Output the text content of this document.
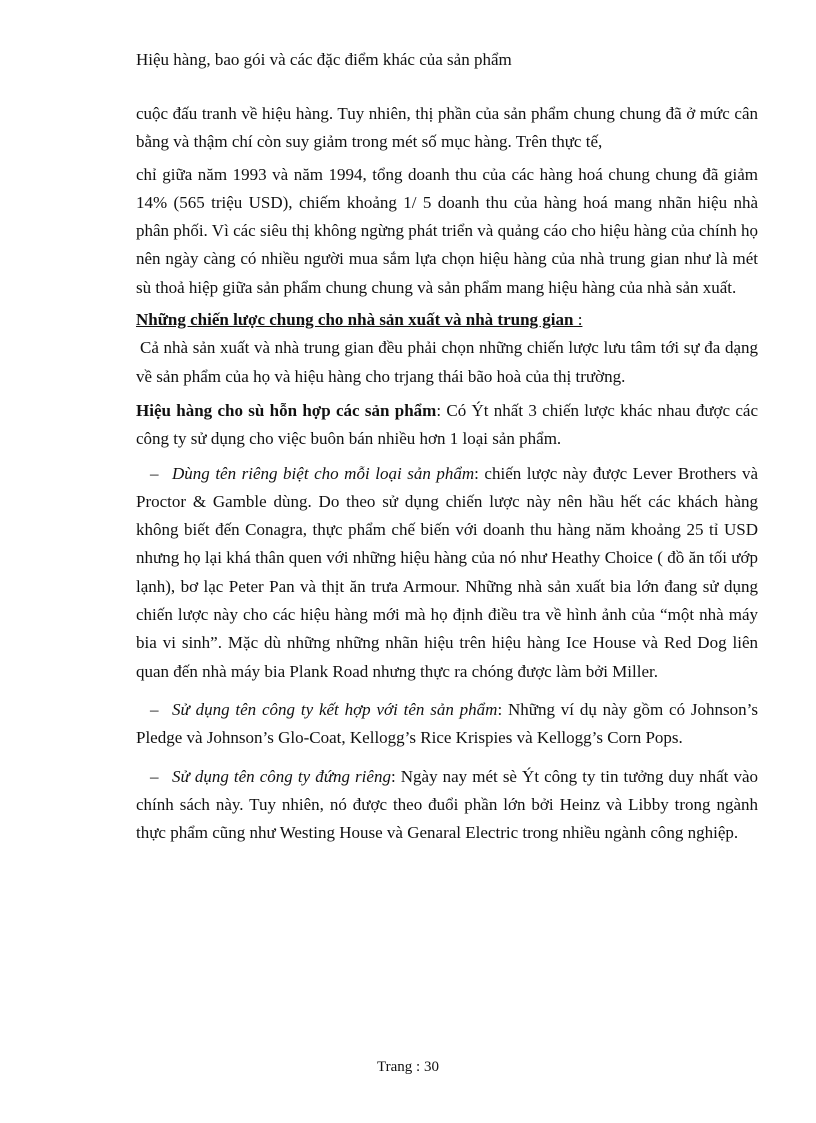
Hiệu hàng, bao gói và các đặc điểm khác của sản phẩm

cuộc đấu tranh về hiệu hàng. Tuy nhiên, thị phần của sản phẩm chung chung đã ở mức cân bằng và thậm chí còn suy giảm trong mét số mục hàng. Trên thực tế,

chỉ giữa năm 1993 và năm 1994, tổng doanh thu của các hàng hoá chung chung đã giảm 14% (565 triệu USD), chiếm khoảng 1/ 5 doanh thu của hàng hoá mang nhãn hiệu nhà phân phối. Vì các siêu thị không ngừng phát triển và quảng cáo cho hiệu hàng của chính họ nên ngày càng có nhiều người mua sắm lựa chọn hiệu hàng của nhà trung gian như là mét sù thoả hiệp giữa sản phẩm chung chung và sản phẩm mang hiệu hàng của nhà sản xuất.

Những chiến lược chung cho nhà sản xuất và nhà trung gian :

Cả nhà sản xuất và nhà trung gian đều phải chọn những chiến lược lưu tâm tới sự đa dạng về sản phẩm của họ và hiệu hàng cho trjang thái bão hoà của thị trường.

Hiệu hàng cho sù hỗn hợp các sản phẩm: Có Ýt nhất 3 chiến lược khác nhau được các công ty sử dụng cho việc buôn bán nhiều hơn 1 loại sản phẩm.

– Dùng tên riêng biệt cho mỗi loại sản phẩm: chiến lược này được Lever Brothers và Proctor & Gamble dùng. Do theo sử dụng chiến lược này nên hầu hết các khách hàng không biết đến Conagra, thực phẩm chế biến với doanh thu hàng năm khoảng 25 tỉ USD nhưng họ lại khá thân quen với những hiệu hàng của nó như Heathy Choice ( đồ ăn tối ướp lạnh), bơ lạc Peter Pan và thịt ăn trưa Armour. Những nhà sản xuất bia lớn đang sử dụng chiến lược này cho các hiệu hàng mới mà họ định điều tra về hình ảnh của “một nhà máy bia vi sinh”. Mặc dù những những nhãn hiệu trên hiệu hàng Ice House và Red Dog liên quan đến nhà máy bia Plank Road nhưng thực ra chóng được làm bởi Miller.

– Sử dụng tên công ty kết hợp với tên sản phẩm: Những ví dụ này gồm có Johnson’s Pledge và Johnson’s Glo-Coat, Kellogg’s Rice Krispies và Kellogg’s Corn Pops.

– Sử dụng tên công ty đứng riêng: Ngày nay mét sè Ýt công ty tin tưởng duy nhất vào chính sách này. Tuy nhiên, nó được theo đuổi phần lớn bởi Heinz và Libby trong ngành thực phẩm cũng như Westing House và Genaral Electric trong nhiều ngành công nghiệp.

Trang : 30
